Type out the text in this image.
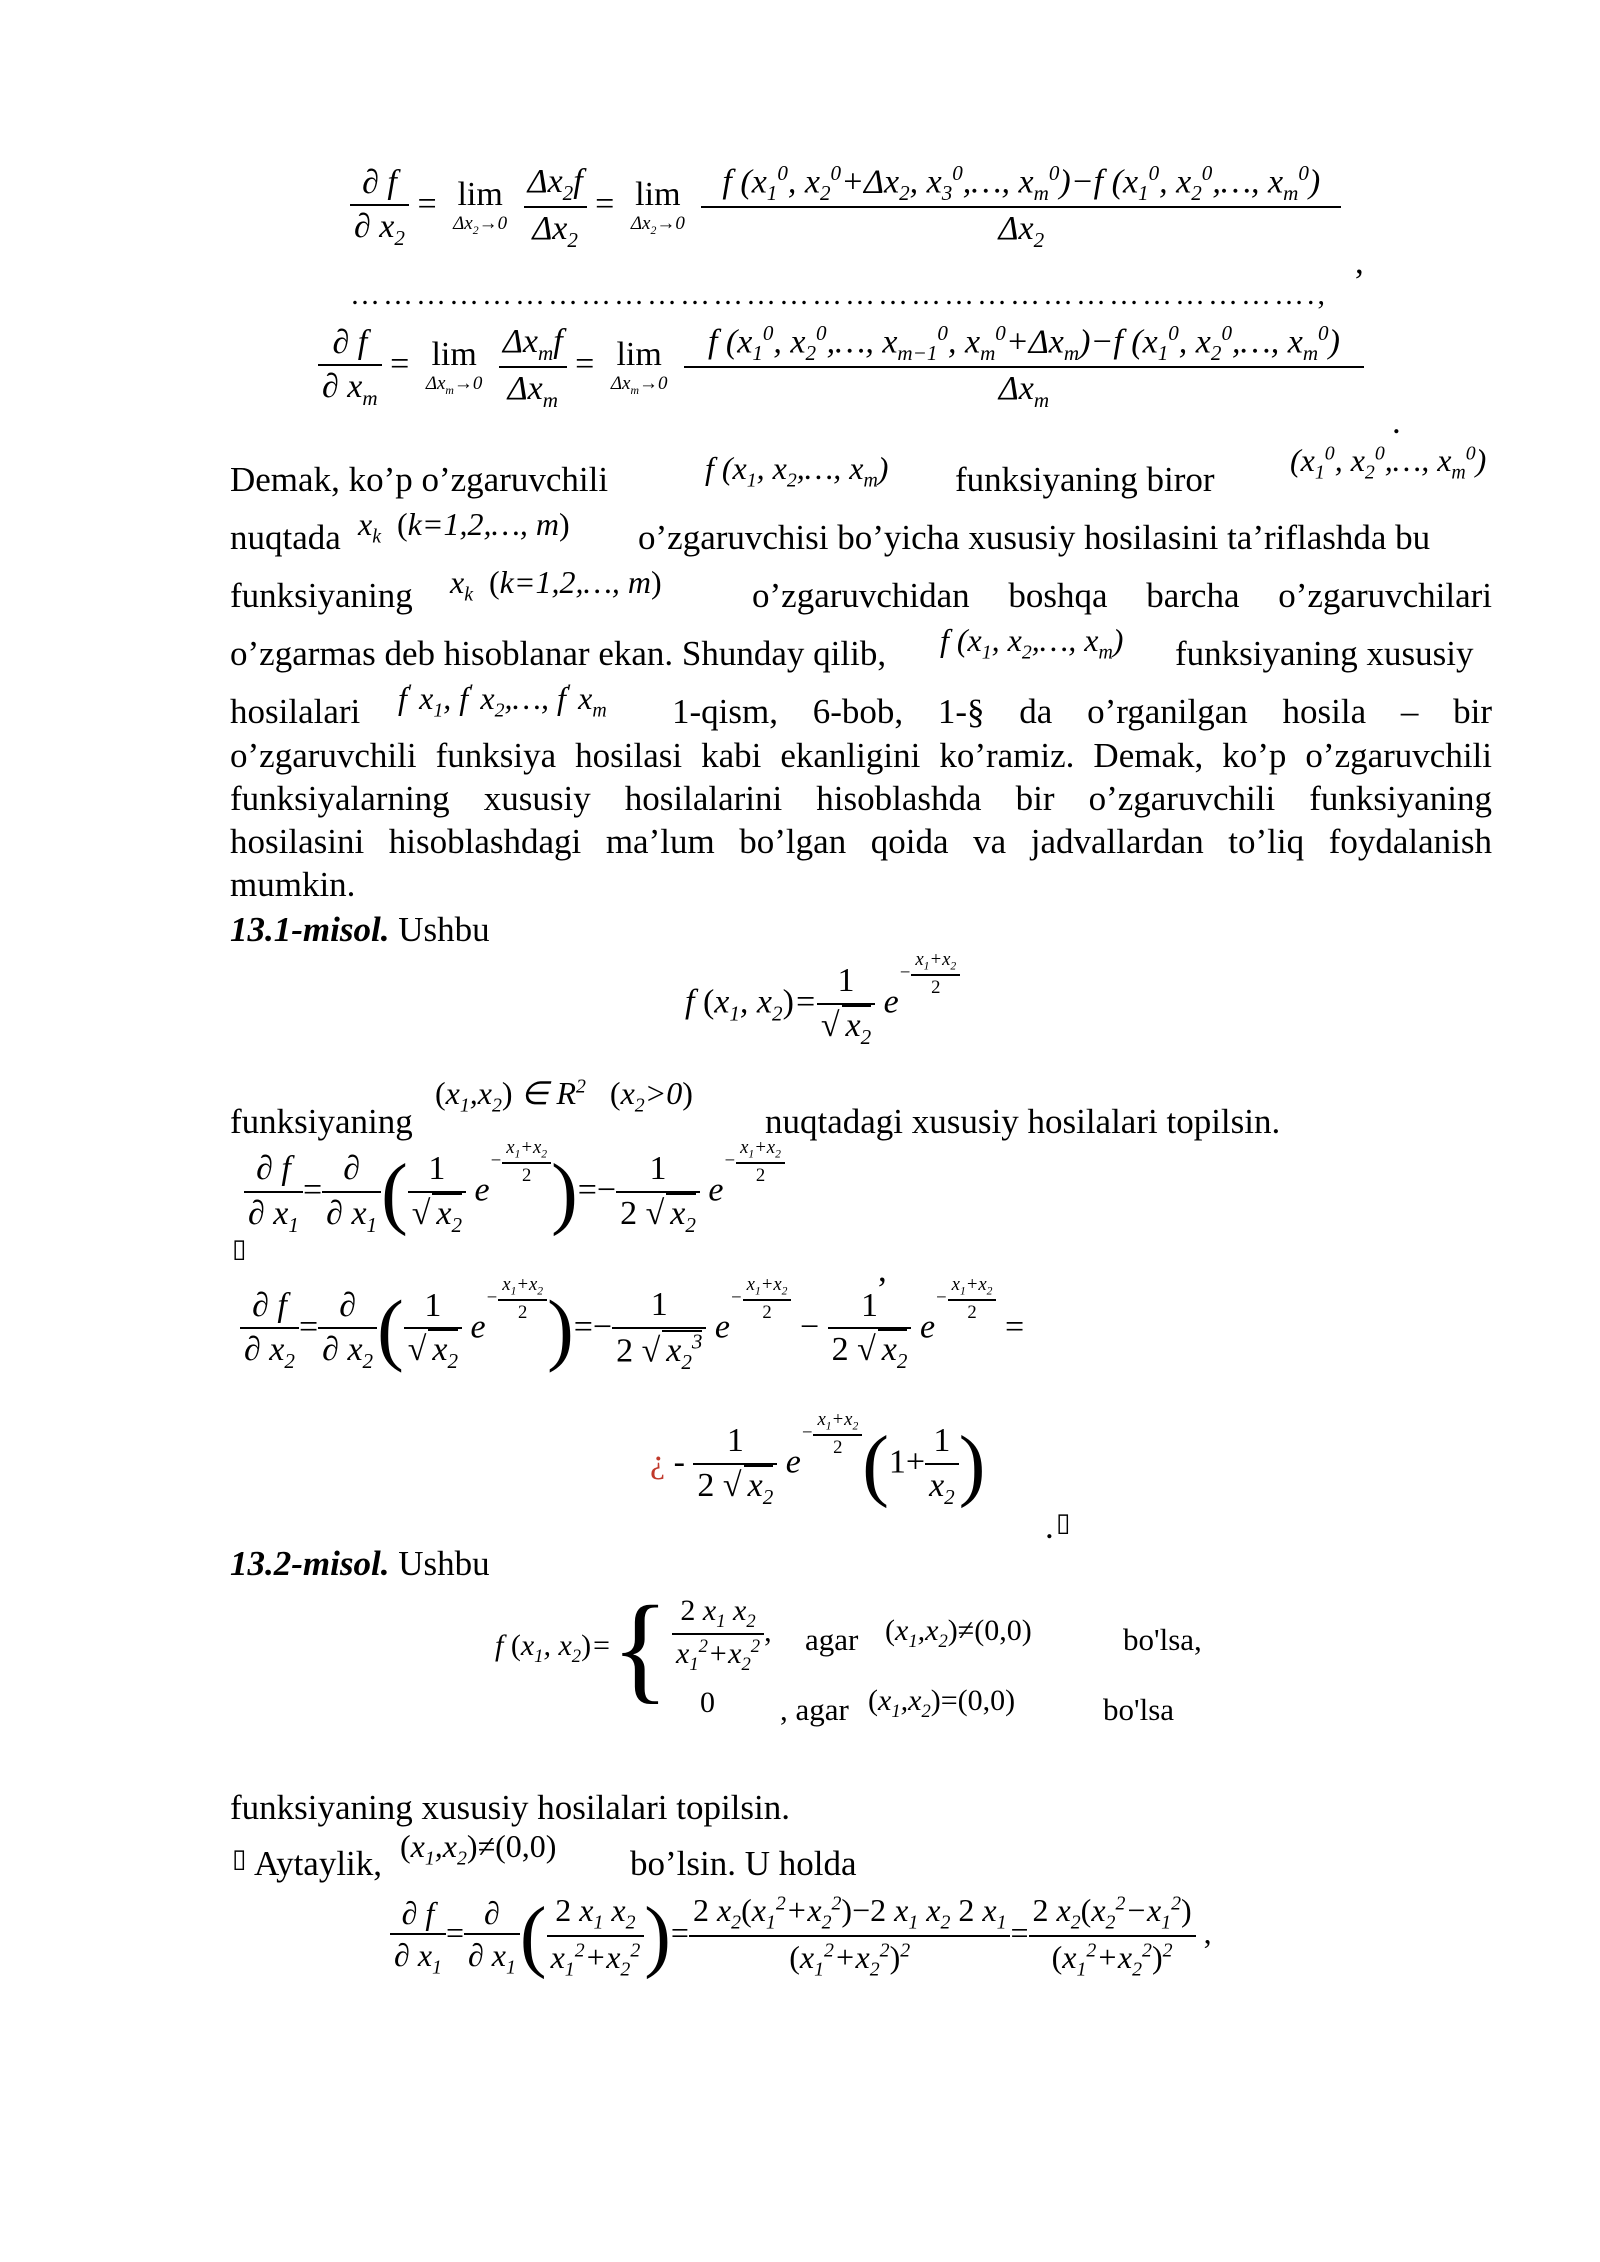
$\frac{\partial f}{\partial x_2} = \lim$
$\Delta x_2\to 0$
$\frac{\Delta x_2f}{\Delta x_2} = \lim$
$\Delta x_2\to 0$
$\frac{f (x_1^0, x_2^0+\Delta x_2, x_3^0,\dots, x_m^0)-f (x_1^0, x_2^0,\dots, x_m^0)}{\Delta x_2}$
,
…………………………………………………………………………….,
$\frac{\partial f}{\partial x_m} = \lim$
$\Delta x_m\to 0$
$\frac{\Delta x_mf}{\Delta x_m} = \lim$
$\Delta x_m\to 0$
$\frac{f (x_1^0, x_2^0,\dots, x_{m-1}^0, x_m^0+\Delta x_m)-f (x_1^0, x_2^0,\dots, x_m^0)}{\Delta x_m}$
.
Demak, ko’p o’zgaruvchili	f ($x_1$, $x_2,\dots$, $x_m$) funksiyaning biror ($x_1^0$, $x_2^0,\dots$, $x_m^0$)
nuqtada $x_k$ (k=1,2,…, m) o’zgaruvchisi bo’yicha xususiy hosilasini ta’riflashda bu
funksiyaning $x_k$ (k=1,2,…, m)	o’zgaruvchidan boshqa barcha o’zgaruvchilari
o’zgarmas deb hisoblanar ekan. Shunday qilib, f ($x_1$, $x_2,\dots$, $x_m$) funksiyaning xususiy
hosilalari f' $x_1$, f' $x_2,\dots$, f' $x_m$ 1-qism, 6-bob, 1-§ da o’rganilgan hosila – bir
o’zgaruvchili funksiya hosilasi kabi ekanligini ko’ramiz. Demak, ko’p o’zgaruvchili
funksiyalarning xususiy hosilalarini hisoblashda bir o’zgaruvchili funksiyaning
hosilasini hisoblashdagi ma’lum bo’lgan qoida va jadvallardan to’liq foydalanish
mumkin.
13.1-misol. Ushbu
f ($x_1$, $x_2)= \frac{1}{√ x_2} e^{- \frac{x_1+x_2}{2}}$
funksiyaning
$(x_1,x_2)$ ∈ $R^2$ $(x_2>0)$
nuqtadagi xususiy hosilalari topilsin.
▯
$\frac{\partial f}{\partial x_1} = \frac{\partial}{\partial x_1}$ ( $\frac{1}{√ x_2} e^{- \frac{x_1+x_2}{2}}$ )=− $\frac{1}{2 √ x_2} e^{- \frac{x_1+x_2}{2}}$
,
$\frac{\partial f}{\partial x_2} = \frac{\partial}{\partial x_2}$ ( $\frac{1}{√ x_2} e^{- \frac{x_1+x_2}{2}}$ )=− $\frac{1}{2 √ x_2^3} e^{- \frac{x_1+x_2}{2}}$
− $\frac{1}{2 √ x_2} e^{- \frac{x_1+x_2}{2}}$
=
¿ - $\frac{1}{2 √ x_2} e^{- \frac{x_1+x_2}{2}}$ ($1+ \frac{1}{x_2}$ )
. ▯
13.2-misol. Ushbu
f ($x_1$, $x_2)=\{ \frac{2 x_1 x_2}{x_1^2+x_2^2}$ , agar $(x_1,x_2)\ne(0,0)$	bo'lsa,
0 , agar $(x_1,x_2)=(0,0)$	bo'lsa
funksiyaning xususiy hosilalari topilsin.
▯ Aytaylik, $(x_1,x_2)\ne(0,0)$ bo’lsin. U holda
$\frac{\partial f}{\partial x_1} = \frac{\partial}{\partial x_1}$ ( $\frac{2 x_1 x_2}{x_1^2+x_2^2}$ )= $\frac{2 x_2(x_1^2+x_2^2)-2 x_1 x_2 2 x_1}{(x_1^2+x_2^2)^2} = \frac{2 x_2(x_2^2-x_1^2)}{(x_1^2+x_2^2)^2}$ ,
